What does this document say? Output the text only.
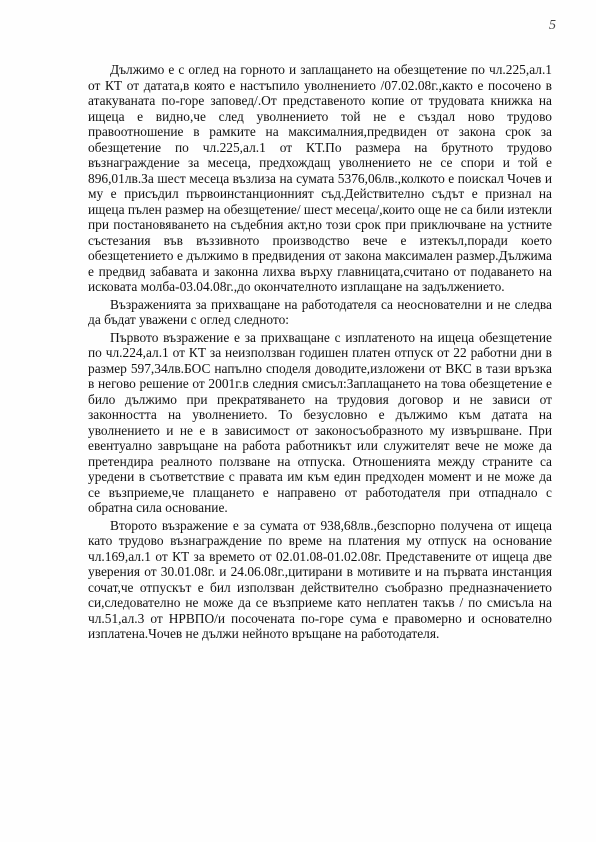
5

Дължимо е с оглед на горното и заплащането на обезщетение по чл.225,ал.1 от КТ от датата,в която е настъпило уволнението /07.02.08г.,както е посочено в атакуваната по-горе заповед/.От представеното копие от трудовата книжка на ищеца е видно,че след уволнението той не е създал ново трудово правоотношение в рамките на максималния,предвиден от закона срок за обезщетение по чл.225,ал.1 от КТ.По размера на брутното трудово възнаграждение за месеца, предхождащ уволнението не се спори и той е 896,01лв.За шест месеца възлиза на сумата 5376,06лв.,колкото е поискал Чочев и му е присъдил първоинстанционният съд.Действително съдът е признал на ищеца пълен размер на обезщетение/ шест месеца/,които още не са били изтекли при постановяването на съдебния акт,но този срок при приключване на устните състезания във въззивното производство вече е изтекъл,поради което обезщетението е дължимо в предвидения от закона максимален размер.Дължима е предвид забавата и законна лихва върху главницата,считано от подаването на исковата молба-03.04.08г.,до окончателното изплащане на задължението.

Възраженията за прихващане на работодателя са неоснователни и не следва да бъдат уважени с оглед следното:

Първото възражение е за прихващане с изплатеното на ищеца обезщетение по чл.224,ал.1 от КТ за неизползван годишен платен отпуск от 22 работни дни в размер 597,34лв.БОС напълно споделя доводите,изложени от ВКС в тази връзка в негово решение от 2001г.в следния смисъл:Заплащането на това обезщетение е било дължимо при прекратяването на трудовия договор и не зависи от законността на уволнението. То безусловно е дължимо към датата на уволнението и не е в зависимост от законосъобразното му извършване. При евентуално завръщане на работа работникът или служителят вече не може да претендира реалното ползване на отпуска. Отношенията между страните са уредени в съответствие с правата им към един предходен момент и не може да се възприеме,че плащането е направено от работодателя при отпаднало с обратна сила основание.

Второто възражение е за сумата от 938,68лв.,безспорно получена от ищеца като трудово възнаграждение по време на платения му отпуск на основание чл.169,ал.1 от КТ за времето от 02.01.08-01.02.08г. Представените от ищеца две уверения от 30.01.08г. и 24.06.08г.,цитирани в мотивите и на първата инстанция сочат,че отпускът е бил използван действително съобразно предназначението си,следователно не може да се възприеме като неплатен такъв / по смисъла на чл.51,ал.3 от НРВПО/и посочената по-горе сума е правомерно и основателно изплатена.Чочев не дължи нейното връщане на работодателя.
